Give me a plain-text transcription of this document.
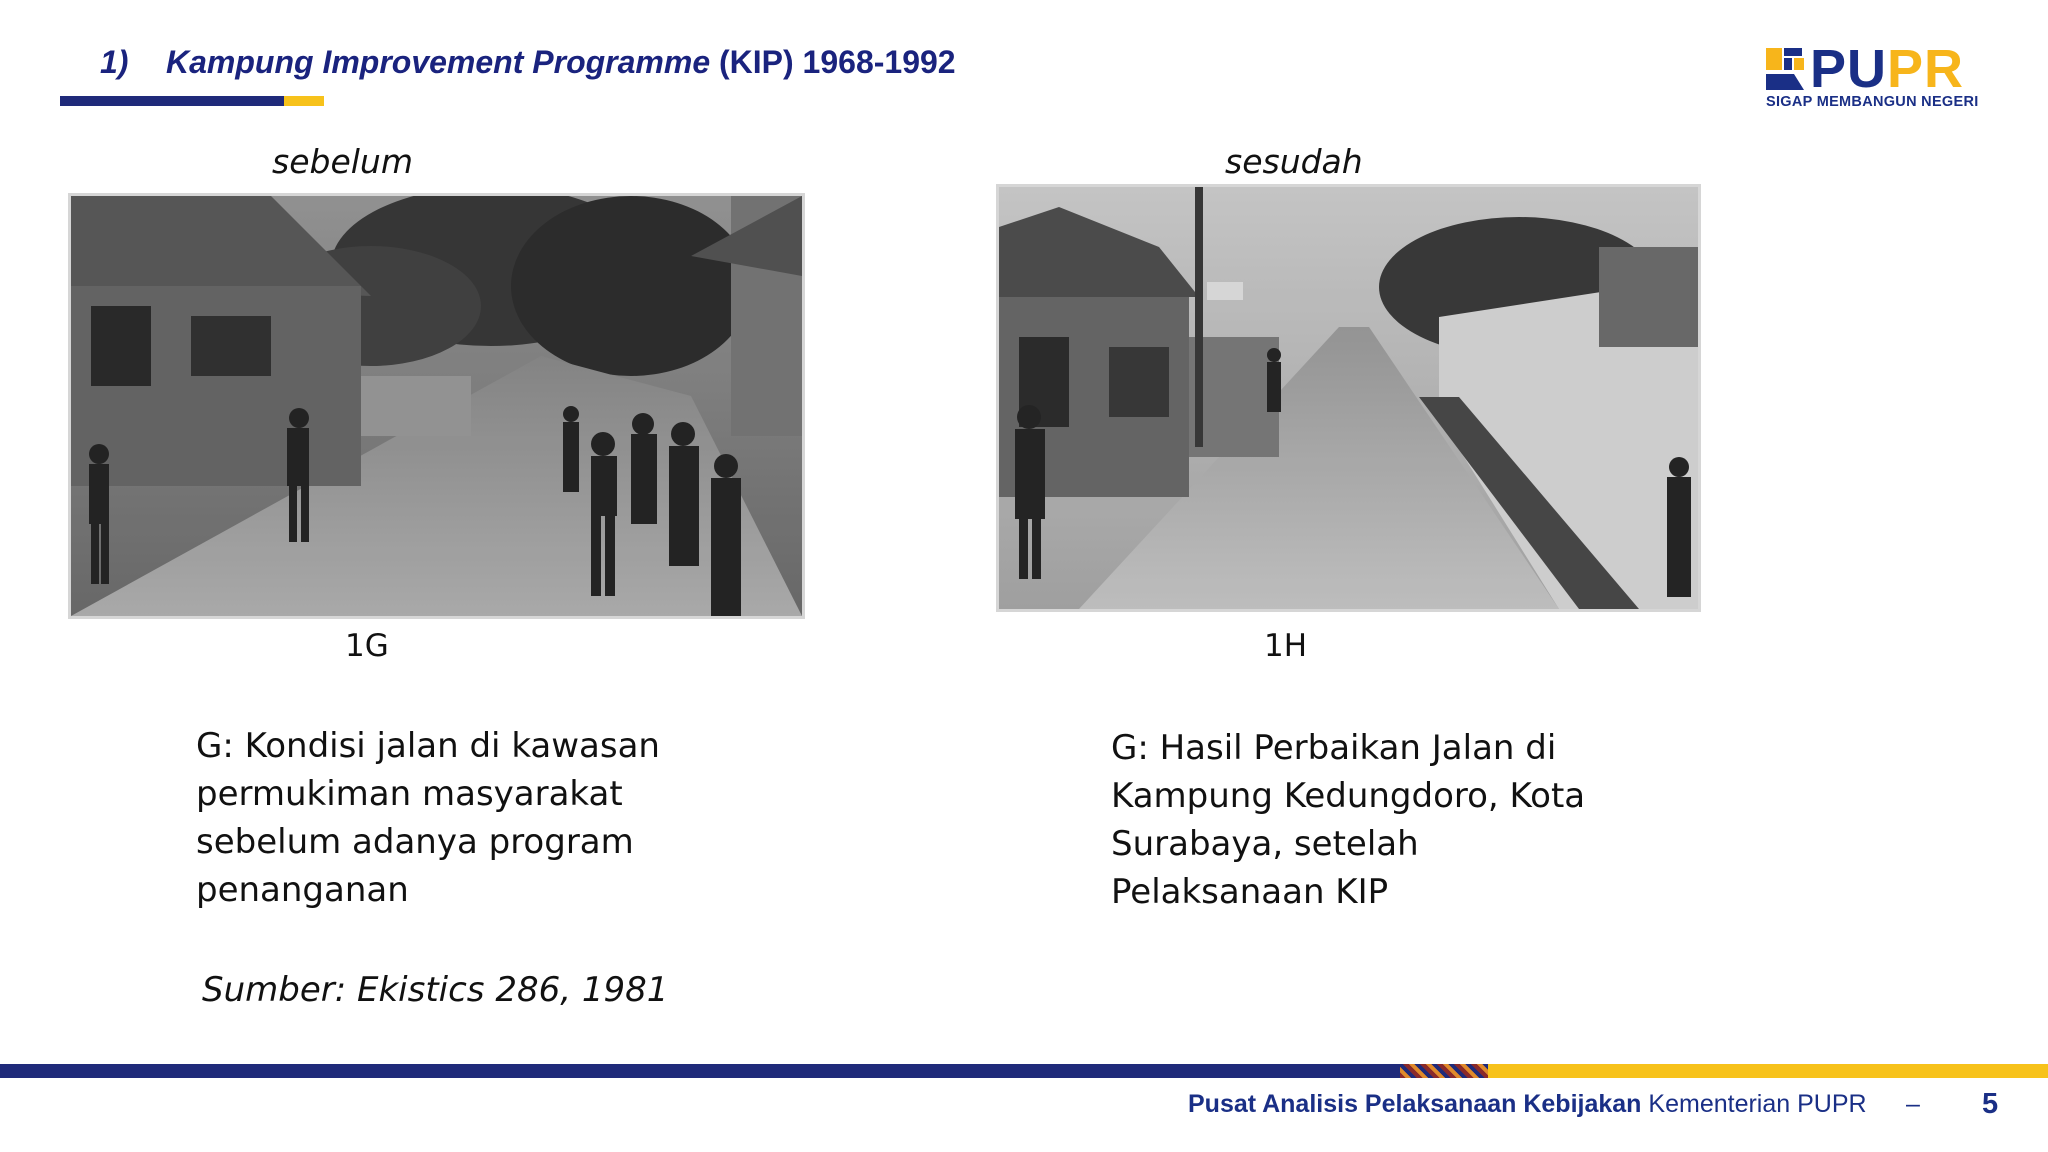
1) Kampung Improvement Programme (KIP) 1968-1992	PUPR
SIGAP MEMBANGUN NEGERI
sebelum	sesudah
1G	1H
G: Kondisi jalan di kawasan
permukiman masyarakat
sebelum adanya program
penanganan
G: Hasil Perbaikan Jalan di
Kampung Kedungdoro, Kota
Surabaya, setelah
Pelaksanaan KIP
Sumber: Ekistics 286, 1981
Pusat Analisis Pelaksanaan Kebijakan Kementerian PUPR – 5
